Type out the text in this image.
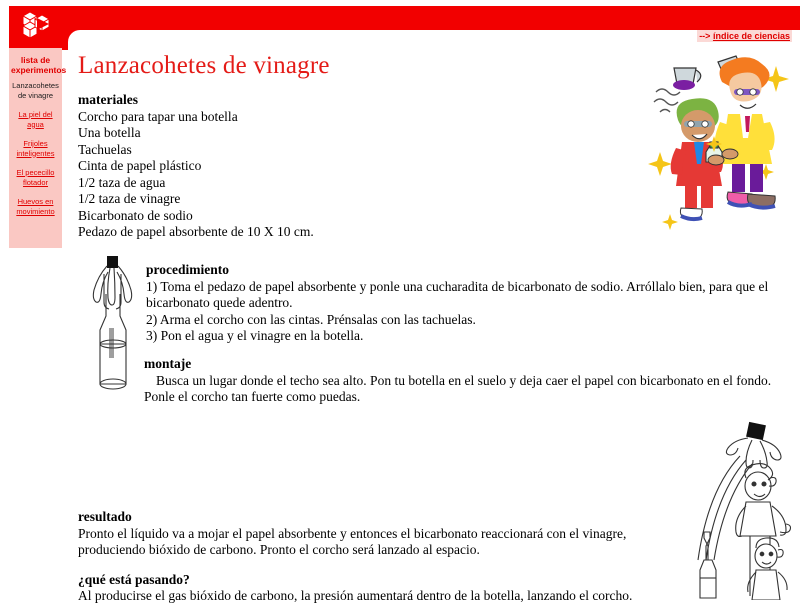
lista de experimentos
Lanzacohetes de vinagre
La piel del agua
Frijoles inteligentes
El pececillo flotador
Huevos en movimiento
--> índice de ciencias
Lanzacohetes de vinagre
materiales
Corcho para tapar una botella
Una botella
Tachuelas
Cinta de papel plástico
1/2 taza de agua
1/2 taza de vinagre
Bicarbonato de sodio
Pedazo de papel absorbente de 10 X 10 cm.
procedimiento
1) Toma el pedazo de papel absorbente y ponle una cucharadita de bicarbonato de sodio. Arróllalo bien, para que el bicarbonato quede adentro.
2) Arma el corcho con las cintas. Prénsalas con las tachuelas.
3) Pon el agua y el vinagre en la botella.
montaje
Busca un lugar donde el techo sea alto. Pon tu botella en el suelo y deja caer el papel con bicarbonato en el fondo. Ponle el corcho tan fuerte como puedas.
resultado
Pronto el líquido va a mojar el papel absorbente y entonces el bicarbonato reaccionará con el vinagre, produciendo bióxido de carbono. Pronto el corcho será lanzado al espacio.
¿qué está pasando?
Al producirse el gas bióxido de carbono, la presión aumentará dentro de la botella, lanzando el corcho.
